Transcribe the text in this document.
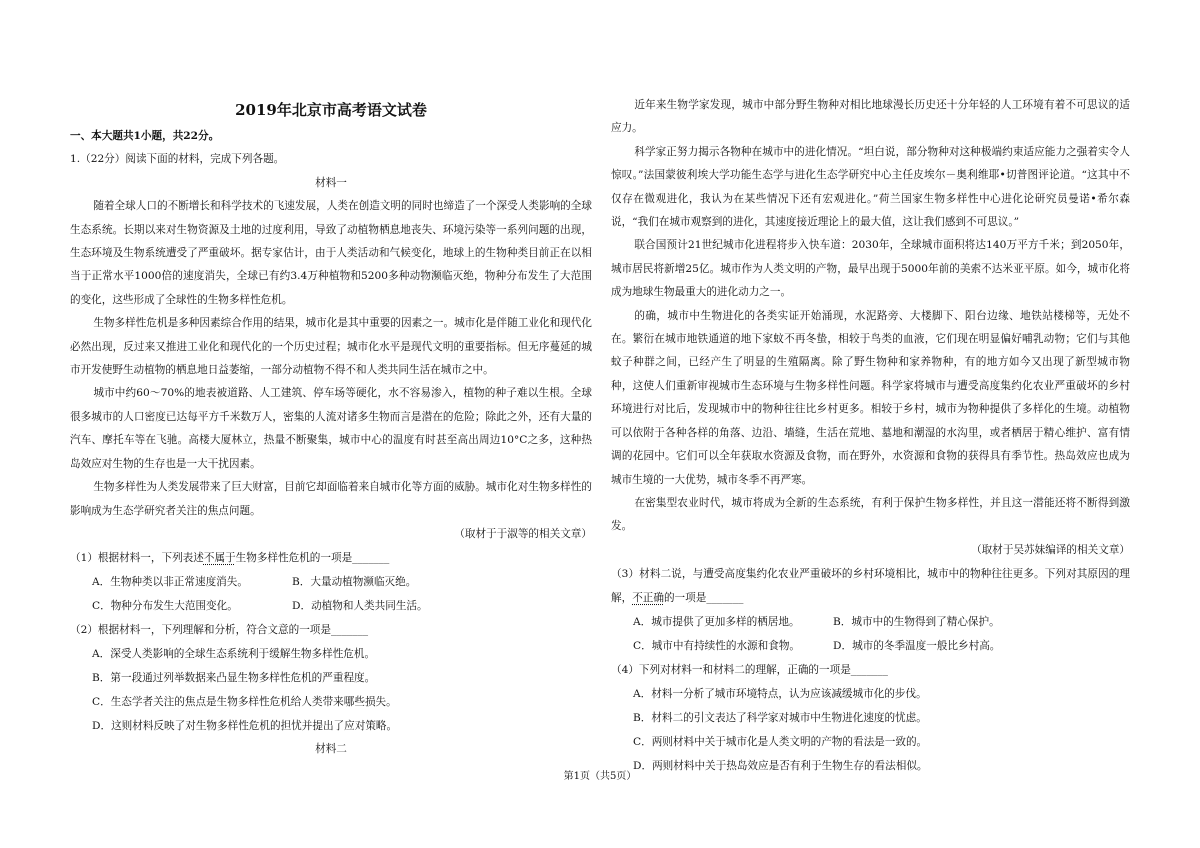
2019年北京市高考语文试卷

一、本大题共1小题，共22分。

1.（22分）阅读下面的材料，完成下列各题。

材料一

随着全球人口的不断增长和科学技术的飞速发展，人类在创造文明的同时也缔造了一个深受人类影响的全球生态系统。长期以来对生物资源及土地的过度利用，导致了动植物栖息地丧失、环境污染等一系列问题的出现，生态环境及生物系统遭受了严重破坏。据专家估计，由于人类活动和气候变化，地球上的生物种类目前正在以相当于正常水平1000倍的速度消失，全球已有约3.4万种植物和5200多种动物濒临灭绝，物种分布发生了大范围的变化，这些形成了全球性的生物多样性危机。

生物多样性危机是多种因素综合作用的结果，城市化是其中重要的因素之一。城市化是伴随工业化和现代化必然出现，反过来又推进工业化和现代化的一个历史过程；城市化水平是现代文明的重要指标。但无序蔓延的城市开发使野生动植物的栖息地日益萎缩，一部分动植物不得不和人类共同生活在城市之中。

城市中约60～70%的地表被道路、人工建筑、停车场等硬化，水不容易渗入，植物的种子难以生根。全球很多城市的人口密度已达每平方千米数万人，密集的人流对诸多生物而言是潜在的危险；除此之外，还有大量的汽车、摩托车等在飞驰。高楼大厦林立，热量不断聚集，城市中心的温度有时甚至高出周边10°C之多，这种热岛效应对生物的生存也是一大干扰因素。

生物多样性为人类发展带来了巨大财富，目前它却面临着来自城市化等方面的威胁。城市化对生物多样性的影响成为生态学研究者关注的焦点问题。

（取材于于淑等的相关文章）

（1）根据材料一，下列表述不属于生物多样性危机的一项是_______

A．生物种类以非正常速度消失。	B．大量动植物濒临灭绝。

C．物种分布发生大范围变化。	D．动植物和人类共同生活。

（2）根据材料一，下列理解和分析，符合文意的一项是_______

A．深受人类影响的全球生态系统利于缓解生物多样性危机。

B．第一段通过列举数据来凸显生物多样性危机的严重程度。

C．生态学者关注的焦点是生物多样性危机给人类带来哪些损失。

D．这则材料反映了对生物多样性危机的担忧并提出了应对策略。

材料二

近年来生物学家发现，城市中部分野生物种对相比地球漫长历史还十分年轻的人工环境有着不可思议的适应力。

科学家正努力揭示各物种在城市中的进化情况。“坦白说，部分物种对这种极端约束适应能力之强着实令人惊叹。”法国蒙彼利埃大学功能生态学与进化生态学研究中心主任皮埃尔－奥利维耶•切普图评论道。“这其中不仅存在微观进化，我认为在某些情况下还有宏观进化。”荷兰国家生物多样性中心进化论研究员曼诺•希尔森说，“我们在城市观察到的进化，其速度接近理论上的最大值，这让我们感到不可思议。”

联合国预计21世纪城市化进程将步入快车道：2030年，全球城市面积将达140万平方千米；到2050年，城市居民将新增25亿。城市作为人类文明的产物，最早出现于5000年前的美索不达米亚平原。如今，城市化将成为地球生物最重大的进化动力之一。

的确，城市中生物进化的各类实证开始涌现，水泥路旁、大楼脚下、阳台边缘、地铁站楼梯等，无处不在。繁衍在城市地铁通道的地下家蚊不再冬蛰，相较于鸟类的血液，它们现在明显偏好哺乳动物；它们与其他蚊子种群之间，已经产生了明显的生殖隔离。除了野生物种和家养物种，有的地方如今又出现了新型城市物种，这使人们重新审视城市生态环境与生物多样性问题。科学家将城市与遭受高度集约化农业严重破坏的乡村环境进行对比后，发现城市中的物种往往比乡村更多。相较于乡村，城市为物种提供了多样化的生境。动植物可以依附于各种各样的角落、边沿、墙缝，生活在荒地、墓地和潮湿的水沟里，或者栖居于精心维护、富有情调的花园中。它们可以全年获取水资源及食物，而在野外，水资源和食物的获得具有季节性。热岛效应也成为城市生境的一大优势，城市冬季不再严寒。

在密集型农业时代，城市将成为全新的生态系统，有利于保护生物多样性，并且这一潜能还将不断得到激发。

（取材于吴苏妹编译的相关文章）

（3）材料二说，与遭受高度集约化农业严重破坏的乡村环境相比，城市中的物种往往更多。下列对其原因的理解，不正确的一项是_______

A．城市提供了更加多样的栖居地。	B．城市中的生物得到了精心保护。

C．城市中有持续性的水源和食物。	D．城市的冬季温度一般比乡村高。

（4）下列对材料一和材料二的理解，正确的一项是_______

A．材料一分析了城市环境特点，认为应该减缓城市化的步伐。

B．材料二的引文表达了科学家对城市中生物进化速度的忧虑。

C．两则材料中关于城市化是人类文明的产物的看法是一致的。

D．两则材料中关于热岛效应是否有利于生物生存的看法相似。

第1页（共5页）
